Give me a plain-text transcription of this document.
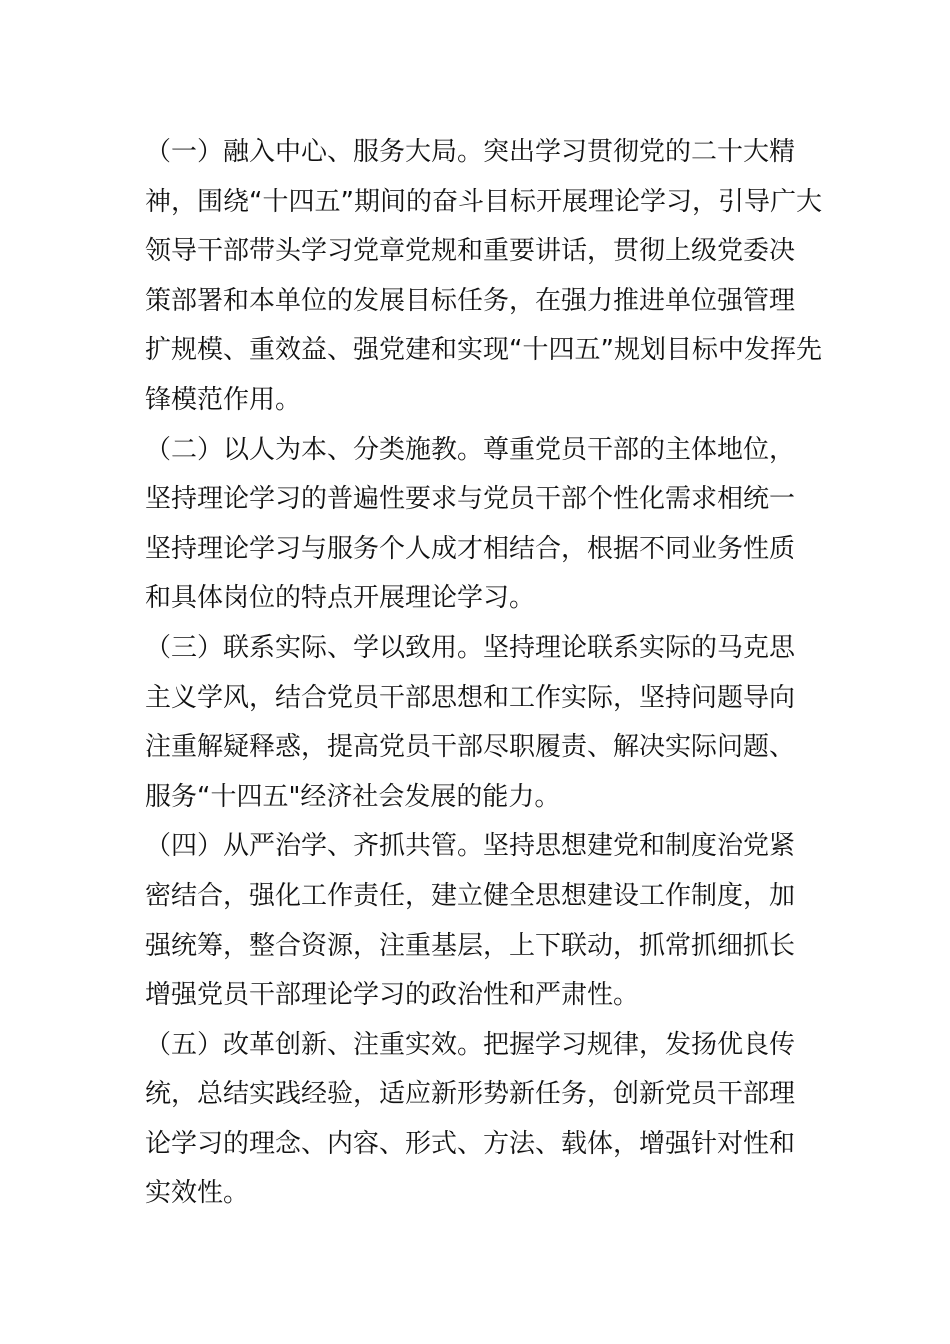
（一）融入中心、服务大局。突出学习贯彻党的二十大精
神，围绕“十四五”期间的奋斗目标开展理论学习，引导广大
领导干部带头学习党章党规和重要讲话，贯彻上级党委决
策部署和本单位的发展目标任务，在强力推进单位强管理
扩规模、重效益、强党建和实现“十四五”规划目标中发挥先
锋模范作用。
（二）以人为本、分类施教。尊重党员干部的主体地位，
坚持理论学习的普遍性要求与党员干部个性化需求相统一
坚持理论学习与服务个人成才相结合，根据不同业务性质
和具体岗位的特点开展理论学习。
（三）联系实际、学以致用。坚持理论联系实际的马克思
主义学风，结合党员干部思想和工作实际，坚持问题导向
注重解疑释惑，提高党员干部尽职履责、解决实际问题、
服务“十四五"经济社会发展的能力。
（四）从严治学、齐抓共管。坚持思想建党和制度治党紧
密结合，强化工作责任，建立健全思想建设工作制度，加
强统筹，整合资源，注重基层，上下联动，抓常抓细抓长
增强党员干部理论学习的政治性和严肃性。
（五）改革创新、注重实效。把握学习规律，发扬优良传
统，总结实践经验，适应新形势新任务，创新党员干部理
论学习的理念、内容、形式、方法、载体，增强针对性和
实效性。
